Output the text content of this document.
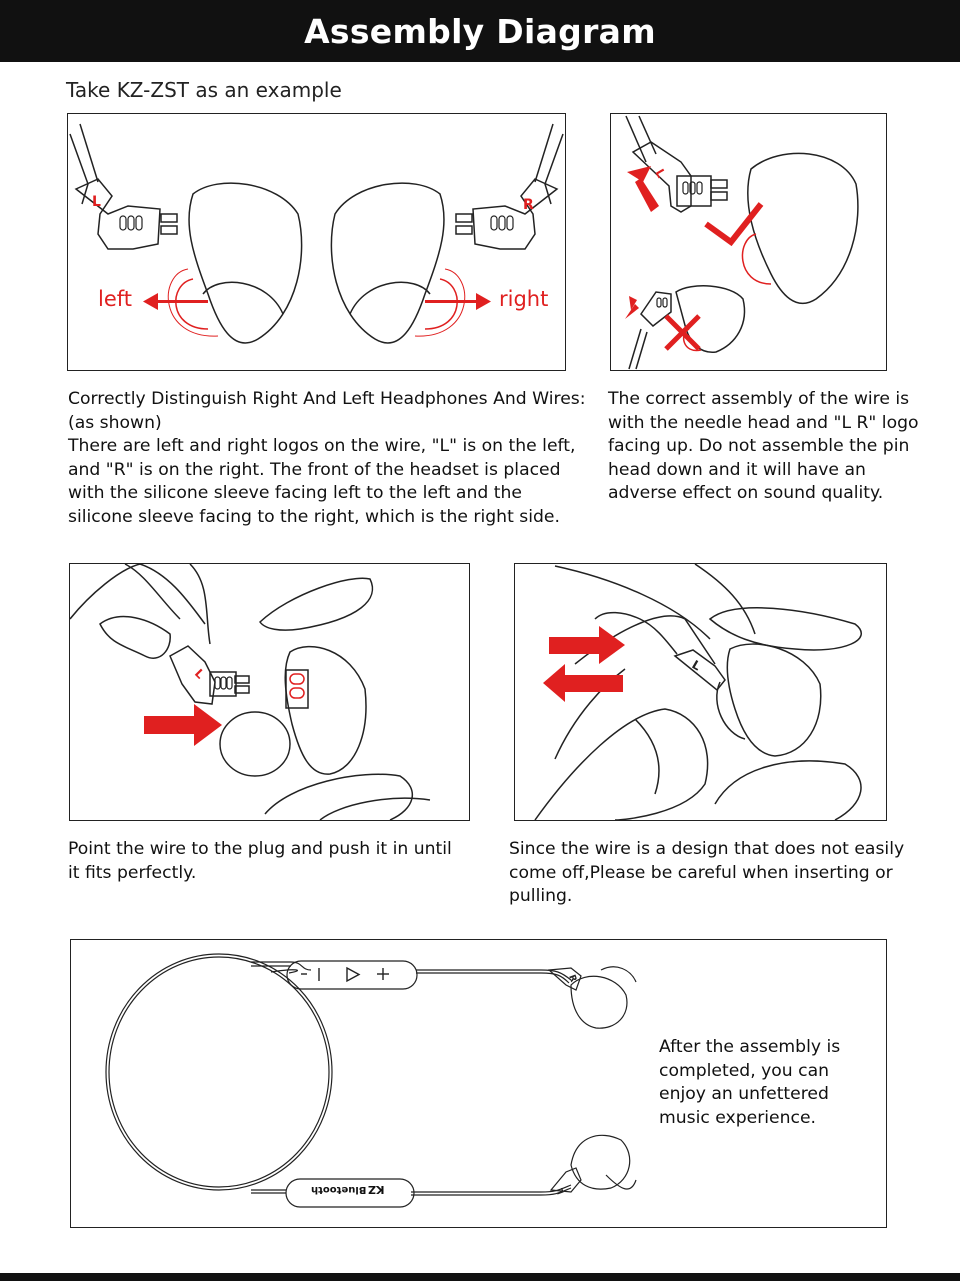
Assembly Diagram
Take KZ-ZST as an example
L	R
left	right
L

Correctly Distinguish Right And Left Headphones And Wires: (as shown)

There are left and right logos on the wire, "L" is on the left, and "R" is on the right. The front of the headset is placed with the silicone sleeve facing left to the left and the silicone sleeve facing to the right, which is the right side.

The correct assembly of the wire is with the needle head and "L R" logo facing up. Do not assemble the pin head down and it will have an adverse effect on sound quality.
L
L
Point the wire to the plug and push it in until it fits perfectly.
Since the wire is a design that does not easily come off,Please be careful when inserting or pulling.
R
L
Bluetooth KZ
After the assembly is completed, you can enjoy an unfettered music experience.
